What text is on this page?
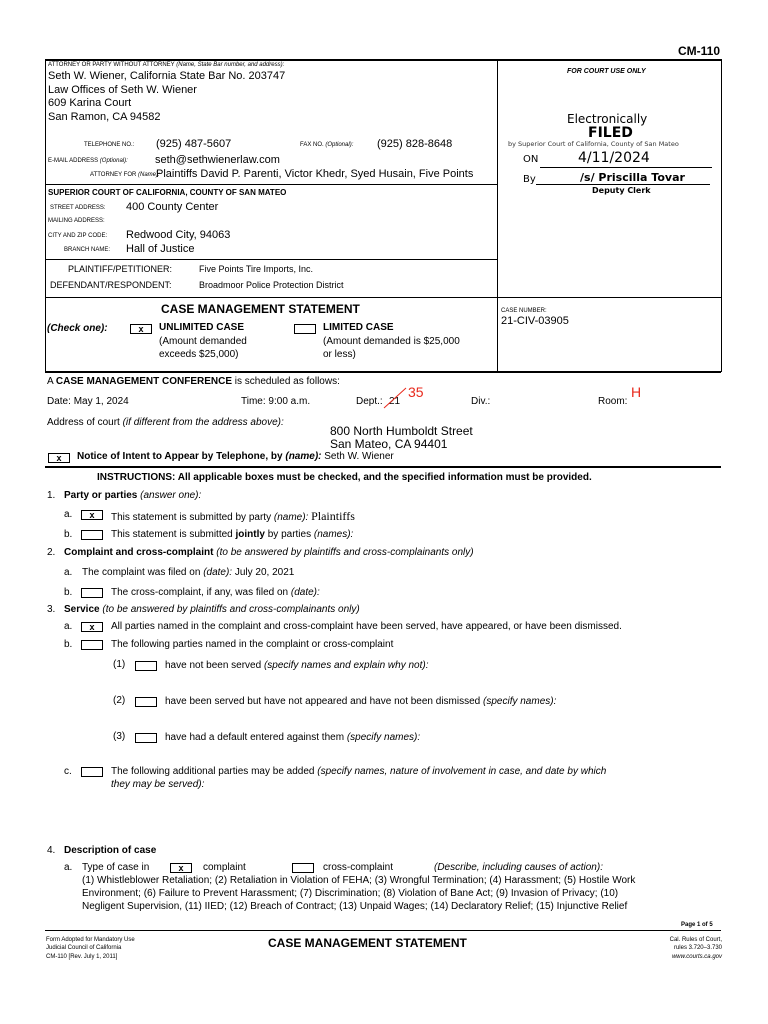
CM-110
ATTORNEY OR PARTY WITHOUT ATTORNEY (Name, State Bar number, and address):
Seth W. Wiener, California State Bar No. 203747
Law Offices of Seth W. Wiener
609 Karina Court
San Ramon, CA 94582
TELEPHONE NO.: (925) 487-5607	FAX NO. (Optional): (925) 828-8648
E-MAIL ADDRESS (Optional): seth@sethwienerlaw.com
ATTORNEY FOR (Name):
Plaintiffs David P. Parenti, Victor Khedr, Syed Husain, Five Points
SUPERIOR COURT OF CALIFORNIA, COUNTY OF SAN MATEO
STREET ADDRESS: 400 County Center
MAILING ADDRESS:
CITY AND ZIP CODE: Redwood City, 94063
BRANCH NAME: Hall of Justice
PLAINTIFF/PETITIONER:	Five Points Tire Imports, Inc.
DEFENDANT/RESPONDENT:	Broadmoor Police Protection District
FOR COURT USE ONLY
Electronically
FILED
by Superior Court of California, County of San Mateo
ON	4/11/2024
By	/s/ Priscilla Tovar
Deputy Clerk
CASE MANAGEMENT STATEMENT
(Check one):	x	UNLIMITED CASE
(Amount demanded
exceeds $25,000)
LIMITED CASE
(Amount demanded is $25,000
or less)
CASE NUMBER:
21-CIV-03905
A CASE MANAGEMENT CONFERENCE is scheduled as follows:
Date: May 1, 2024	Time: 9:00 a.m.	Dept.: 21
35
Div.:	Room:
H
Address of court (if different from the address above):
800 North Humboldt Street
San Mateo, CA 94401
x	Notice of Intent to Appear by Telephone, by (name): Seth W. Wiener
INSTRUCTIONS: All applicable boxes must be checked, and the specified information must be provided.
1. Party or parties (answer one):
a.	x	This statement is submitted by party (name): Plaintiffs
b.	This statement is submitted jointly by parties (names):
2. Complaint and cross-complaint (to be answered by plaintiffs and cross-complainants only)
a. The complaint was filed on (date): July 20, 2021
b.	The cross-complaint, if any, was filed on (date):
3. Service (to be answered by plaintiffs and cross-complainants only)
a.	x	All parties named in the complaint and cross-complaint have been served, have appeared, or have been dismissed.
b.	The following parties named in the complaint or cross-complaint
(1)	have not been served (specify names and explain why not):
(2)	have been served but have not appeared and have not been dismissed (specify names):
(3)	have had a default entered against them (specify names):
c.	The following additional parties may be added (specify names, nature of involvement in case, and date by which
they may be served):
4. Description of case
a. Type of case in	x	complaint	cross-complaint	(Describe, including causes of action):
(1) Whistleblower Retaliation; (2) Retaliation in Violation of FEHA; (3) Wrongful Termination; (4) Harassment; (5) Hostile Work
Environment; (6) Failure to Prevent Harassment; (7) Discrimination; (8) Violation of Bane Act; (9) Invasion of Privacy; (10)
Negligent Supervision, (11) IIED; (12) Breach of Contract; (13) Unpaid Wages; (14) Declaratory Relief; (15) Injunctive Relief
Page 1 of 5
Form Adopted for Mandatory Use
Judicial Council of California
CM-110 [Rev. July 1, 2011]
CASE MANAGEMENT STATEMENT	Cal. Rules of Court,
rules 3.720–3.730
www.courts.ca.gov
